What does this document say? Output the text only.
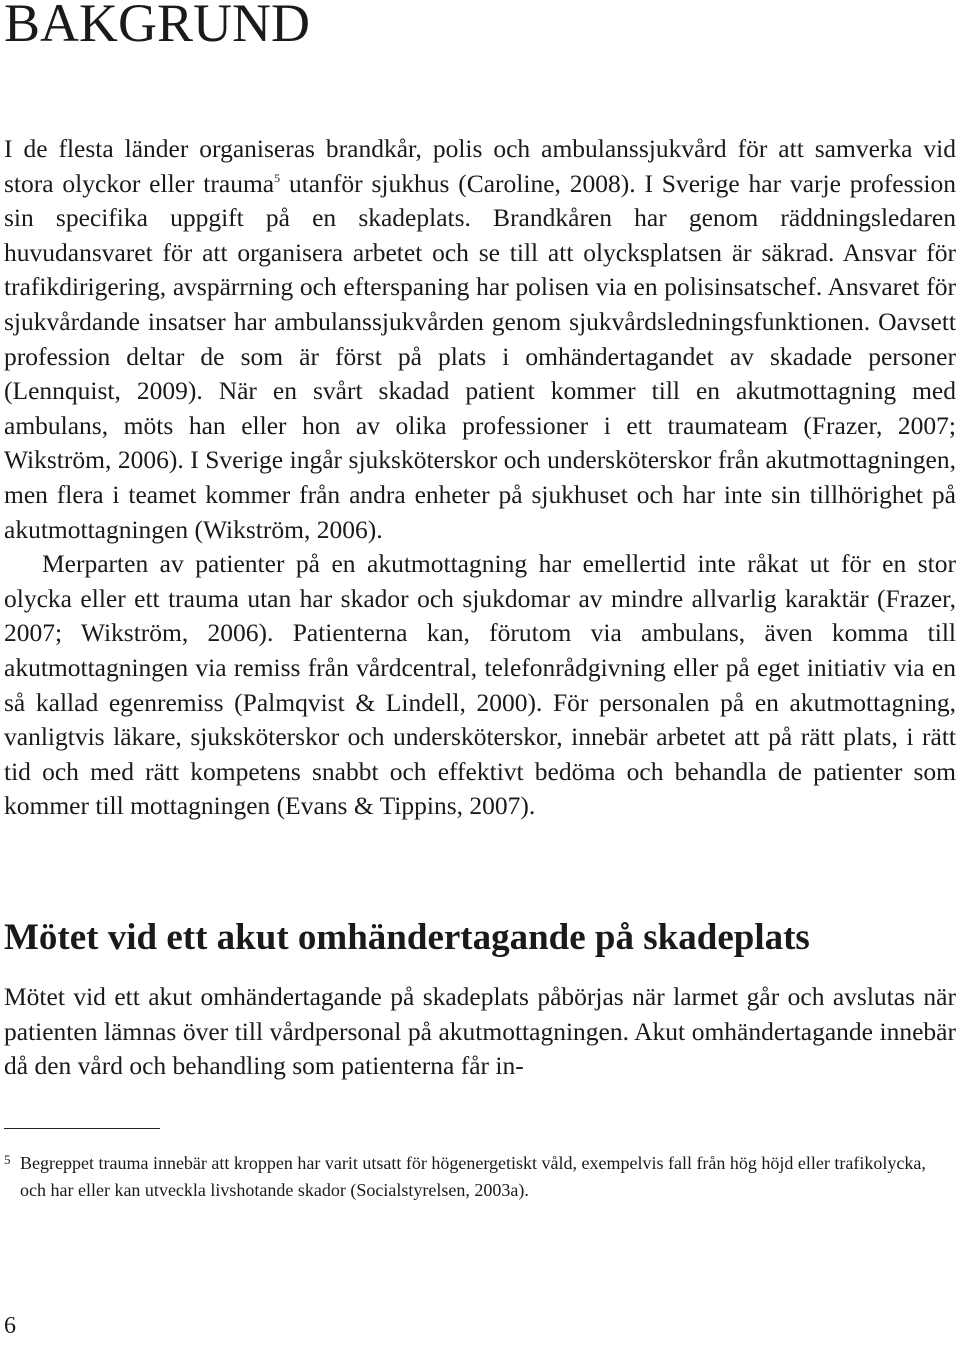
BAKGRUND

I de flesta länder organiseras brandkår, polis och ambulanssjukvård för att samverka vid stora olyckor eller trauma$^5$ utanför sjukhus (Caroline, 2008). I Sverige har varje profession sin specifika uppgift på en skadeplats. Brandkåren har genom räddningsledaren huvudansvaret för att organisera arbetet och se till att olycksplatsen är säkrad. Ansvar för trafikdirigering, avspärrning och efterspaning har polisen via en polisinsatschef. Ansvaret för sjukvårdande insatser har ambulanssjukvården genom sjukvårdsledningsfunktionen. Oavsett profession deltar de som är först på plats i omhändertagandet av skadade personer (Lennquist, 2009). När en svårt skadad patient kommer till en akutmottagning med ambulans, möts han eller hon av olika professioner i ett traumateam (Frazer, 2007; Wikström, 2006). I Sverige ingår sjuksköterskor och undersköterskor från akutmottagningen, men flera i teamet kommer från andra enheter på sjukhuset och har inte sin tillhörighet på akutmottagningen (Wikström, 2006).

Merparten av patienter på en akutmottagning har emellertid inte råkat ut för en stor olycka eller ett trauma utan har skador och sjukdomar av mindre allvarlig karaktär (Frazer, 2007; Wikström, 2006). Patienterna kan, förutom via ambulans, även komma till akutmottagningen via remiss från vårdcentral, telefonrådgivning eller på eget initiativ via en så kallad egenremiss (Palmqvist & Lindell, 2000). För personalen på en akutmottagning, vanligtvis läkare, sjuksköterskor och undersköterskor, innebär arbetet att på rätt plats, i rätt tid och med rätt kompetens snabbt och effektivt bedöma och behandla de patienter som kommer till mottagningen (Evans & Tippins, 2007).

Mötet vid ett akut omhändertagande på skadeplats

Mötet vid ett akut omhändertagande på skadeplats påbörjas när larmet går och avslutas när patienten lämnas över till vårdpersonal på akutmottagningen. Akut omhändertagande innebär då den vård och behandling som patienterna får in-

5 Begreppet trauma innebär att kroppen har varit utsatt för högenergetiskt våld, exempelvis fall från hög höjd eller trafikolycka, och har eller kan utveckla livshotande skador (Socialstyrelsen, 2003a).
6
